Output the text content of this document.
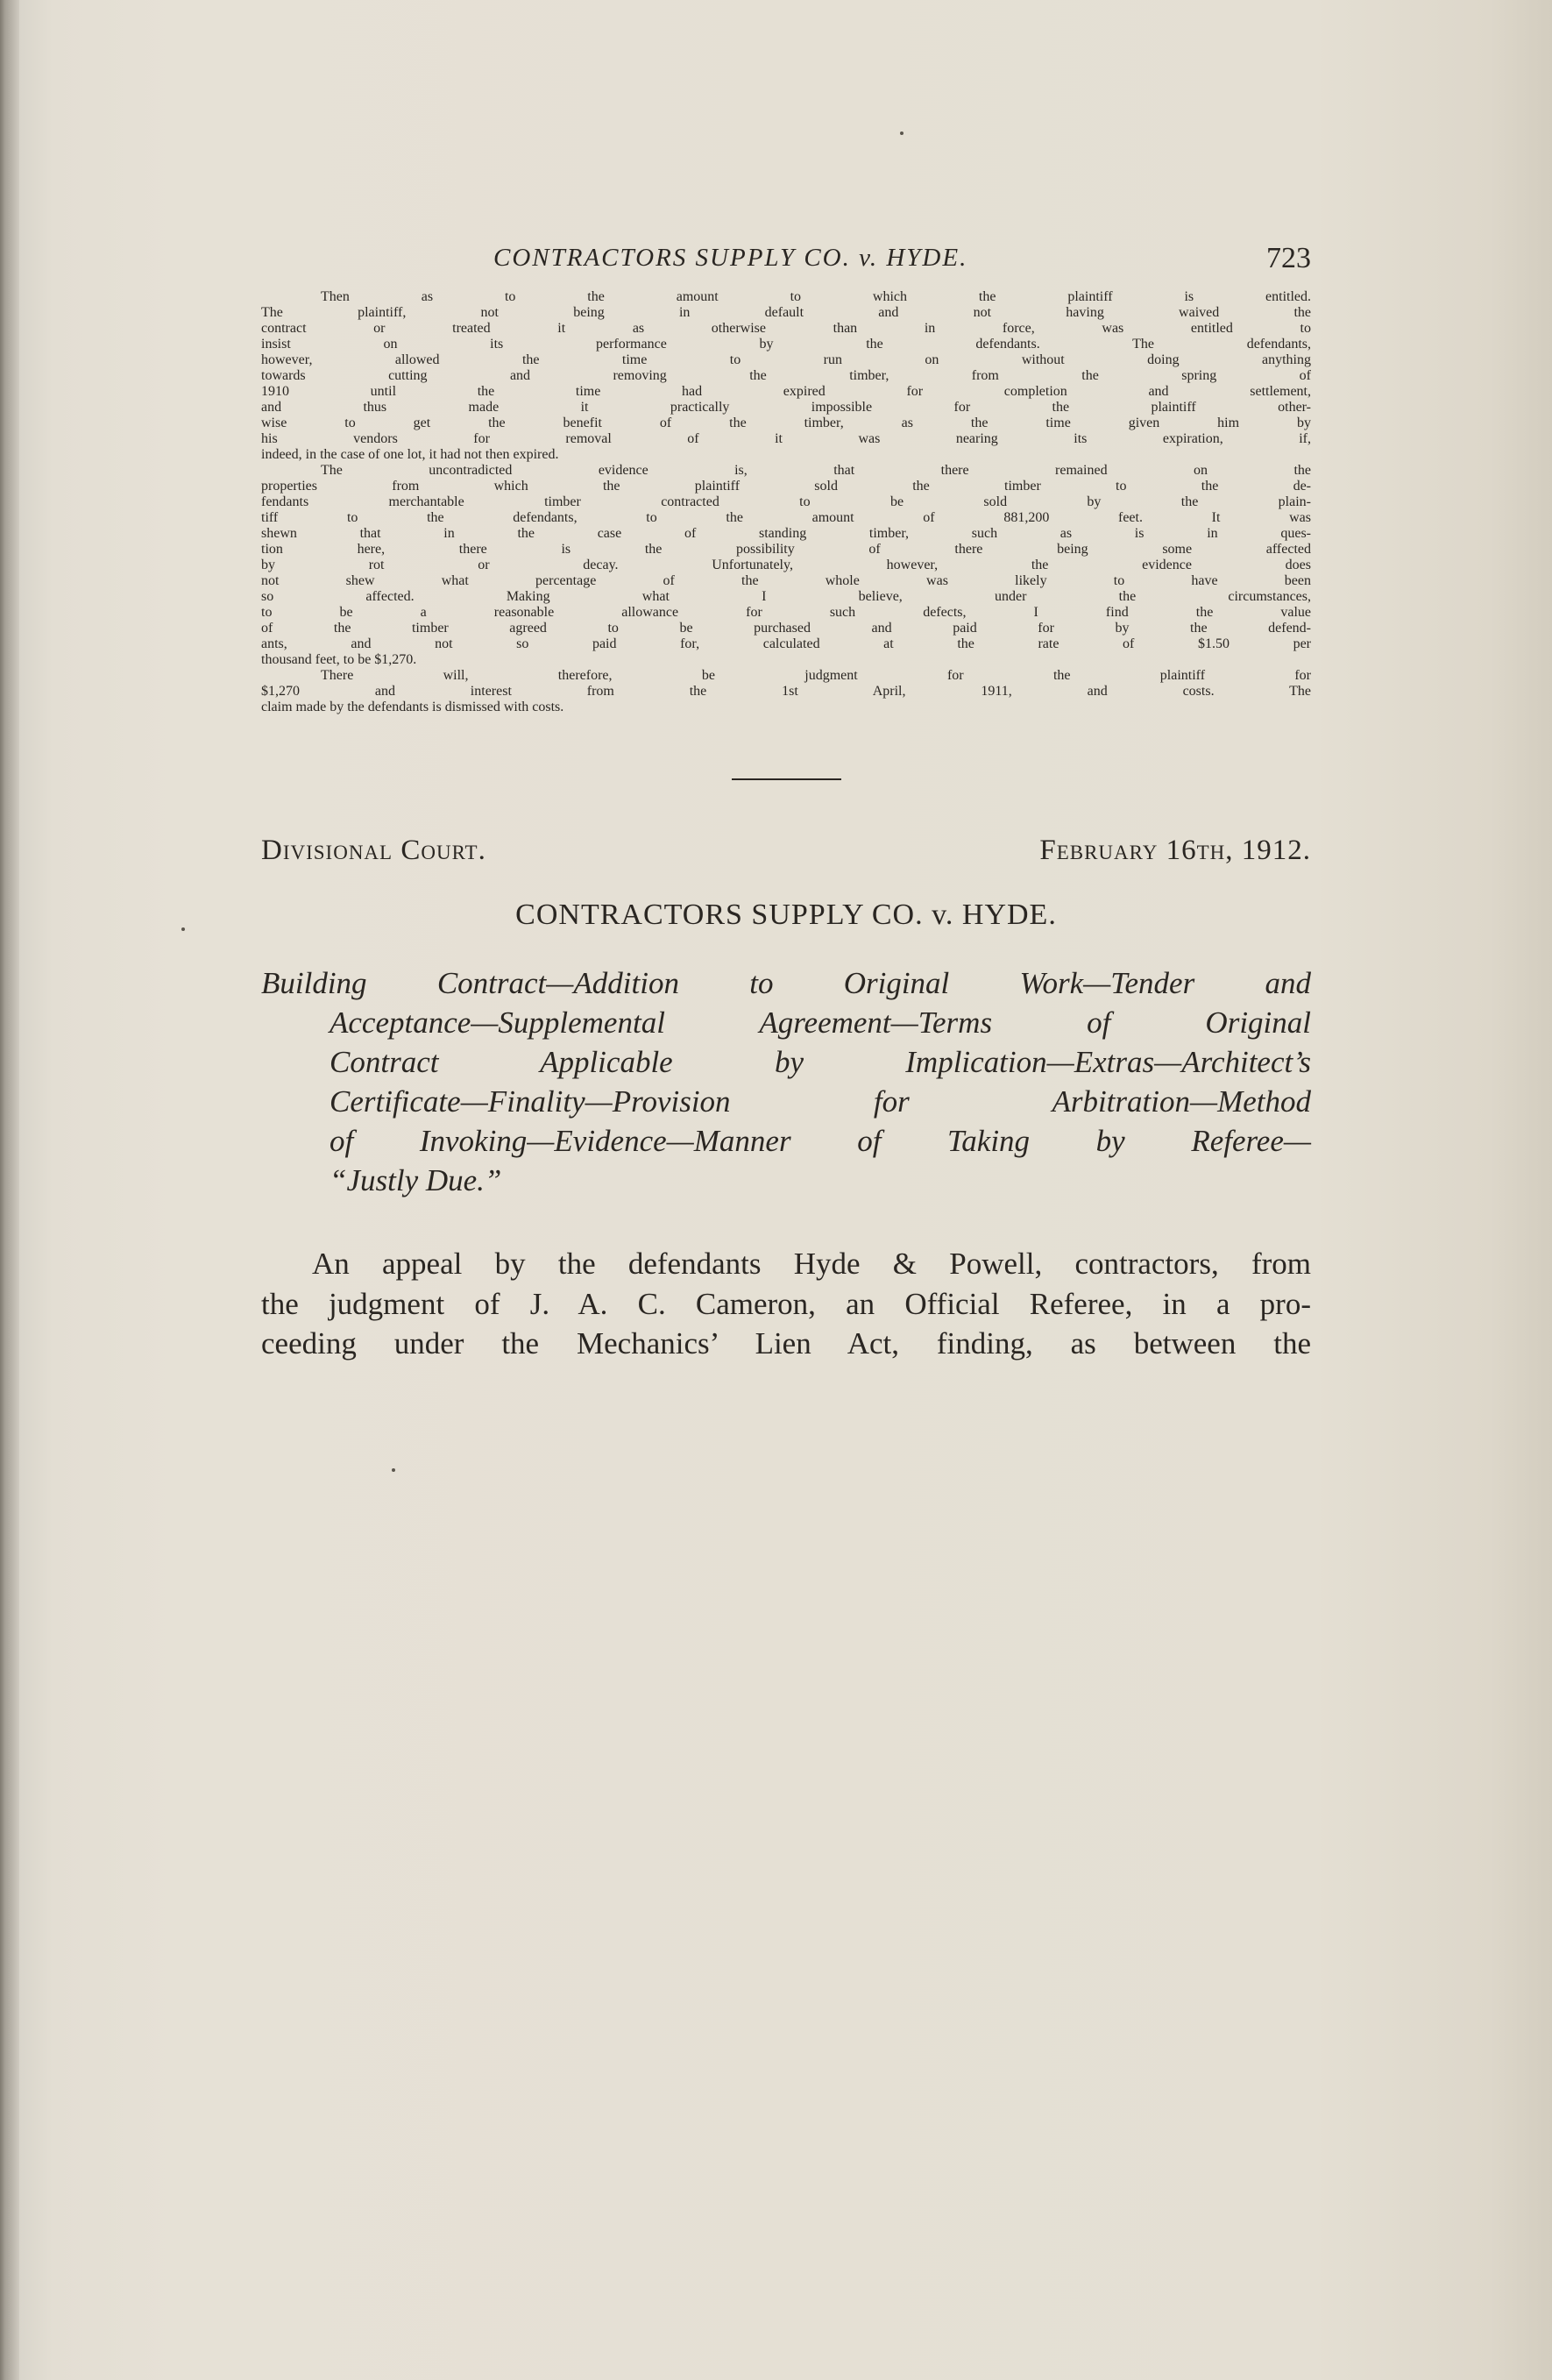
CONTRACTORS SUPPLY CO. v. HYDE.	723
Then as to the amount to which the plaintiff is entitled.
The plaintiff, not being in default and not having waived the
contract or treated it as otherwise than in force, was entitled to
insist on its performance by the defendants. The defendants,
however, allowed the time to run on without doing anything
towards cutting and removing the timber, from the spring of
1910 until the time had expired for completion and settlement,
and thus made it practically impossible for the plaintiff other-
wise to get the benefit of the timber, as the time given him by
his vendors for removal of it was nearing its expiration, if,
indeed, in the case of one lot, it had not then expired.
The uncontradicted evidence is, that there remained on the
properties from which the plaintiff sold the timber to the de-
fendants merchantable timber contracted to be sold by the plain-
tiff to the defendants, to the amount of 881,200 feet. It was
shewn that in the case of standing timber, such as is in ques-
tion here, there is the possibility of there being some affected
by rot or decay. Unfortunately, however, the evidence does
not shew what percentage of the whole was likely to have been
so affected. Making what I believe, under the circumstances,
to be a reasonable allowance for such defects, I find the value
of the timber agreed to be purchased and paid for by the defend-
ants, and not so paid for, calculated at the rate of $1.50 per
thousand feet, to be $1,270.
There will, therefore, be judgment for the plaintiff for
$1,270 and interest from the 1st April, 1911, and costs. The
claim made by the defendants is dismissed with costs.
Divisional Court.	February 16th, 1912.
CONTRACTORS SUPPLY CO. v. HYDE.
Building Contract—Addition to Original Work—Tender and
Acceptance—Supplemental Agreement—Terms of Original
Contract Applicable by Implication—Extras—Architect’s
Certificate—Finality—Provision for Arbitration—Method
of Invoking—Evidence—Manner of Taking by Referee—
“Justly Due.”
An appeal by the defendants Hyde & Powell, contractors, from
the judgment of J. A. C. Cameron, an Official Referee, in a pro-
ceeding under the Mechanics’ Lien Act, finding, as between the
